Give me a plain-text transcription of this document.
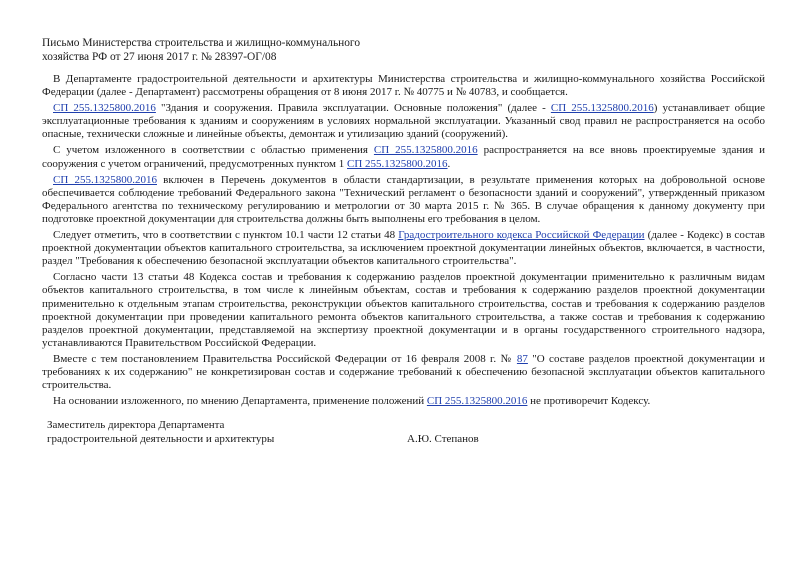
Письмо Министерства строительства и жилищно-коммунального
хозяйства РФ от 27 июня 2017 г. № 28397-ОГ/08

В Департаменте градостроительной деятельности и архитектуры Министерства строительства и жилищно-коммунального хозяйства Российской Федерации (далее - Департамент) рассмотрены обращения от 8 июня 2017 г. № 40775 и № 40783, и сообщается.

СП 255.1325800.2016 "Здания и сооружения. Правила эксплуатации. Основные положения" (далее - СП 255.1325800.2016) устанавливает общие эксплуатационные требования к зданиям и сооружениям в условиях нормальной эксплуатации. Указанный свод правил не распространяется на особо опасные, технически сложные и линейные объекты, демонтаж и утилизацию зданий (сооружений).

С учетом изложенного в соответствии с областью применения СП 255.1325800.2016 распространяется на все вновь проектируемые здания и сооружения с учетом ограничений, предусмотренных пунктом 1 СП 255.1325800.2016.

СП 255.1325800.2016 включен в Перечень документов в области стандартизации, в результате применения которых на добровольной основе обеспечивается соблюдение требований Федерального закона "Технический регламент о безопасности зданий и сооружений", утвержденный приказом Федерального агентства по техническому регулированию и метрологии от 30 марта 2015 г. № 365. В случае обращения к данному документу при подготовке проектной документации для строительства должны быть выполнены его требования в целом.

Следует отметить, что в соответствии с пунктом 10.1 части 12 статьи 48 Градостроительного кодекса Российской Федерации (далее - Кодекс) в состав проектной документации объектов капитального строительства, за исключением проектной документации линейных объектов, включается, в частности, раздел "Требования к обеспечению безопасной эксплуатации объектов капитального строительства".

Согласно части 13 статьи 48 Кодекса состав и требования к содержанию разделов проектной документации применительно к различным видам объектов капитального строительства, в том числе к линейным объектам, состав и требования к содержанию разделов проектной документации применительно к отдельным этапам строительства, реконструкции объектов капитального строительства, состав и требования к содержанию разделов проектной документации при проведении капитального ремонта объектов капитального строительства, а также состав и требования к содержанию разделов проектной документации, представляемой на экспертизу проектной документации и в органы государственного строительного надзора, устанавливаются Правительством Российской Федерации.

Вместе с тем постановлением Правительства Российской Федерации от 16 февраля 2008 г. № 87 "О составе разделов проектной документации и требованиях к их содержанию" не конкретизирован состав и содержание требований к обеспечению безопасной эксплуатации объектов капитального строительства.

На основании изложенного, по мнению Департамента, применение положений СП 255.1325800.2016 не противоречит Кодексу.

Заместитель директора Департамента
градостроительной деятельности и архитектуры	А.Ю. Степанов
